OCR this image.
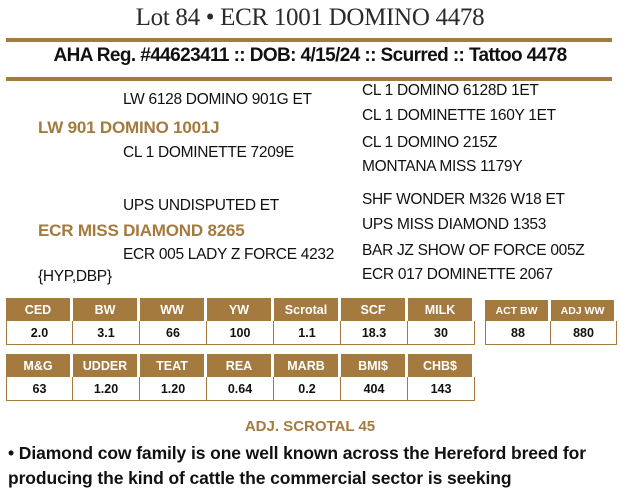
Lot 84 • ECR 1001 DOMINO 4478
AHA Reg. #44623411 :: DOB: 4/15/24 :: Scurred :: Tattoo 4478
LW 6128 DOMINO 901G ET
LW 901 DOMINO 1001J
CL 1 DOMINETTE 7209E
CL 1 DOMINO 6128D 1ET
CL 1 DOMINETTE 160Y 1ET
CL 1 DOMINO 215Z
MONTANA MISS 1179Y
UPS UNDISPUTED ET
ECR MISS DIAMOND 8265
ECR 005 LADY Z FORCE 4232
SHF WONDER M326 W18 ET
UPS MISS DIAMOND 1353
BAR JZ SHOW OF FORCE 005Z
ECR 017 DOMINETTE 2067
{HYP,DBP}
CED	BW	WW	YW	Scrotal	SCF	MILK
2.0	3.1	66	100	1.1	18.3	30
M&G	UDDER	TEAT	REA	MARB	BMI$	CHB$
63	1.20	1.20	0.64	0.2	404	143
ACT BW	ADJ WW
88	880
ADJ. SCROTAL 45
• Diamond cow family is one well known across the Hereford breed for producing the kind of cattle the commercial sector is seeking
